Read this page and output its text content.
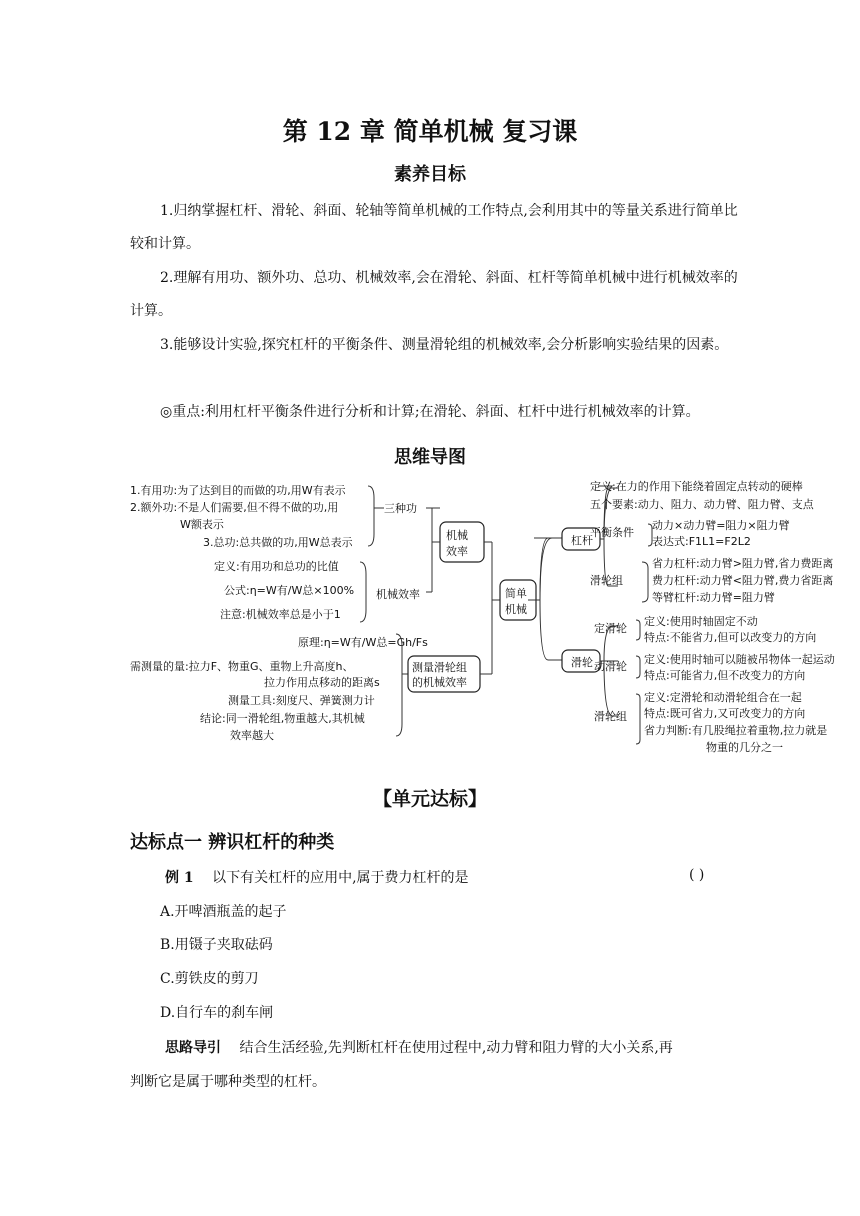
第 12 章 简单机械 复习课
素养目标
1.归纳掌握杠杆、滑轮、斜面、轮轴等简单机械的工作特点,会利用其中的等量关系进行简单比较和计算。
2.理解有用功、额外功、总功、机械效率,会在滑轮、斜面、杠杆等简单机械中进行机械效率的计算。
3.能够设计实验,探究杠杆的平衡条件、测量滑轮组的机械效率,会分析影响实验结果的因素。
◎重点:利用杠杆平衡条件进行分析和计算;在滑轮、斜面、杠杆中进行机械效率的计算。
思维导图
1.有用功:为了达到目的而做的功,用W有表示
2.额外功:不是人们需要,但不得不做的功,用
W额表示
3.总功:总共做的功,用W总表示
三种功
机械
效率
定义:有用功和总功的比值
公式:η=W有/W总×100%
注意:机械效率总是小于1
机械效率
原理:η=W有/W总=Gh/Fs
需测量的量:拉力F、物重G、重物上升高度h、
拉力作用点移动的距离s
测量工具:刻度尺、弹簧测力计
结论:同一滑轮组,物重越大,其机械
效率越大
测量滑轮组
的机械效率
简单
机械
杠杆
定义:在力的作用下能绕着固定点转动的硬棒
五个要素:动力、阻力、动力臂、阻力臂、支点
平衡条件
动力×动力臂=阻力×阻力臂
表达式:F1L1=F2L2
滑轮组
省力杠杆:动力臂>阻力臂,省力费距离
费力杠杆:动力臂<阻力臂,费力省距离
等臂杠杆:动力臂=阻力臂
滑轮
定滑轮
定义:使用时轴固定不动
特点:不能省力,但可以改变力的方向
动滑轮
定义:使用时轴可以随被吊物体一起运动
特点:可能省力,但不改变力的方向
滑轮组
定义:定滑轮和动滑轮组合在一起
特点:既可省力,又可改变力的方向
省力判断:有几股绳拉着重物,拉力就是
物重的几分之一
【单元达标】
达标点一 辨识杠杆的种类
例 1 以下有关杠杆的应用中,属于费力杠杆的是	( )
A.开啤酒瓶盖的起子
B.用镊子夹取砝码
C.剪铁皮的剪刀
D.自行车的刹车闸
思路导引 结合生活经验,先判断杠杆在使用过程中,动力臂和阻力臂的大小关系,再
判断它是属于哪种类型的杠杆。
